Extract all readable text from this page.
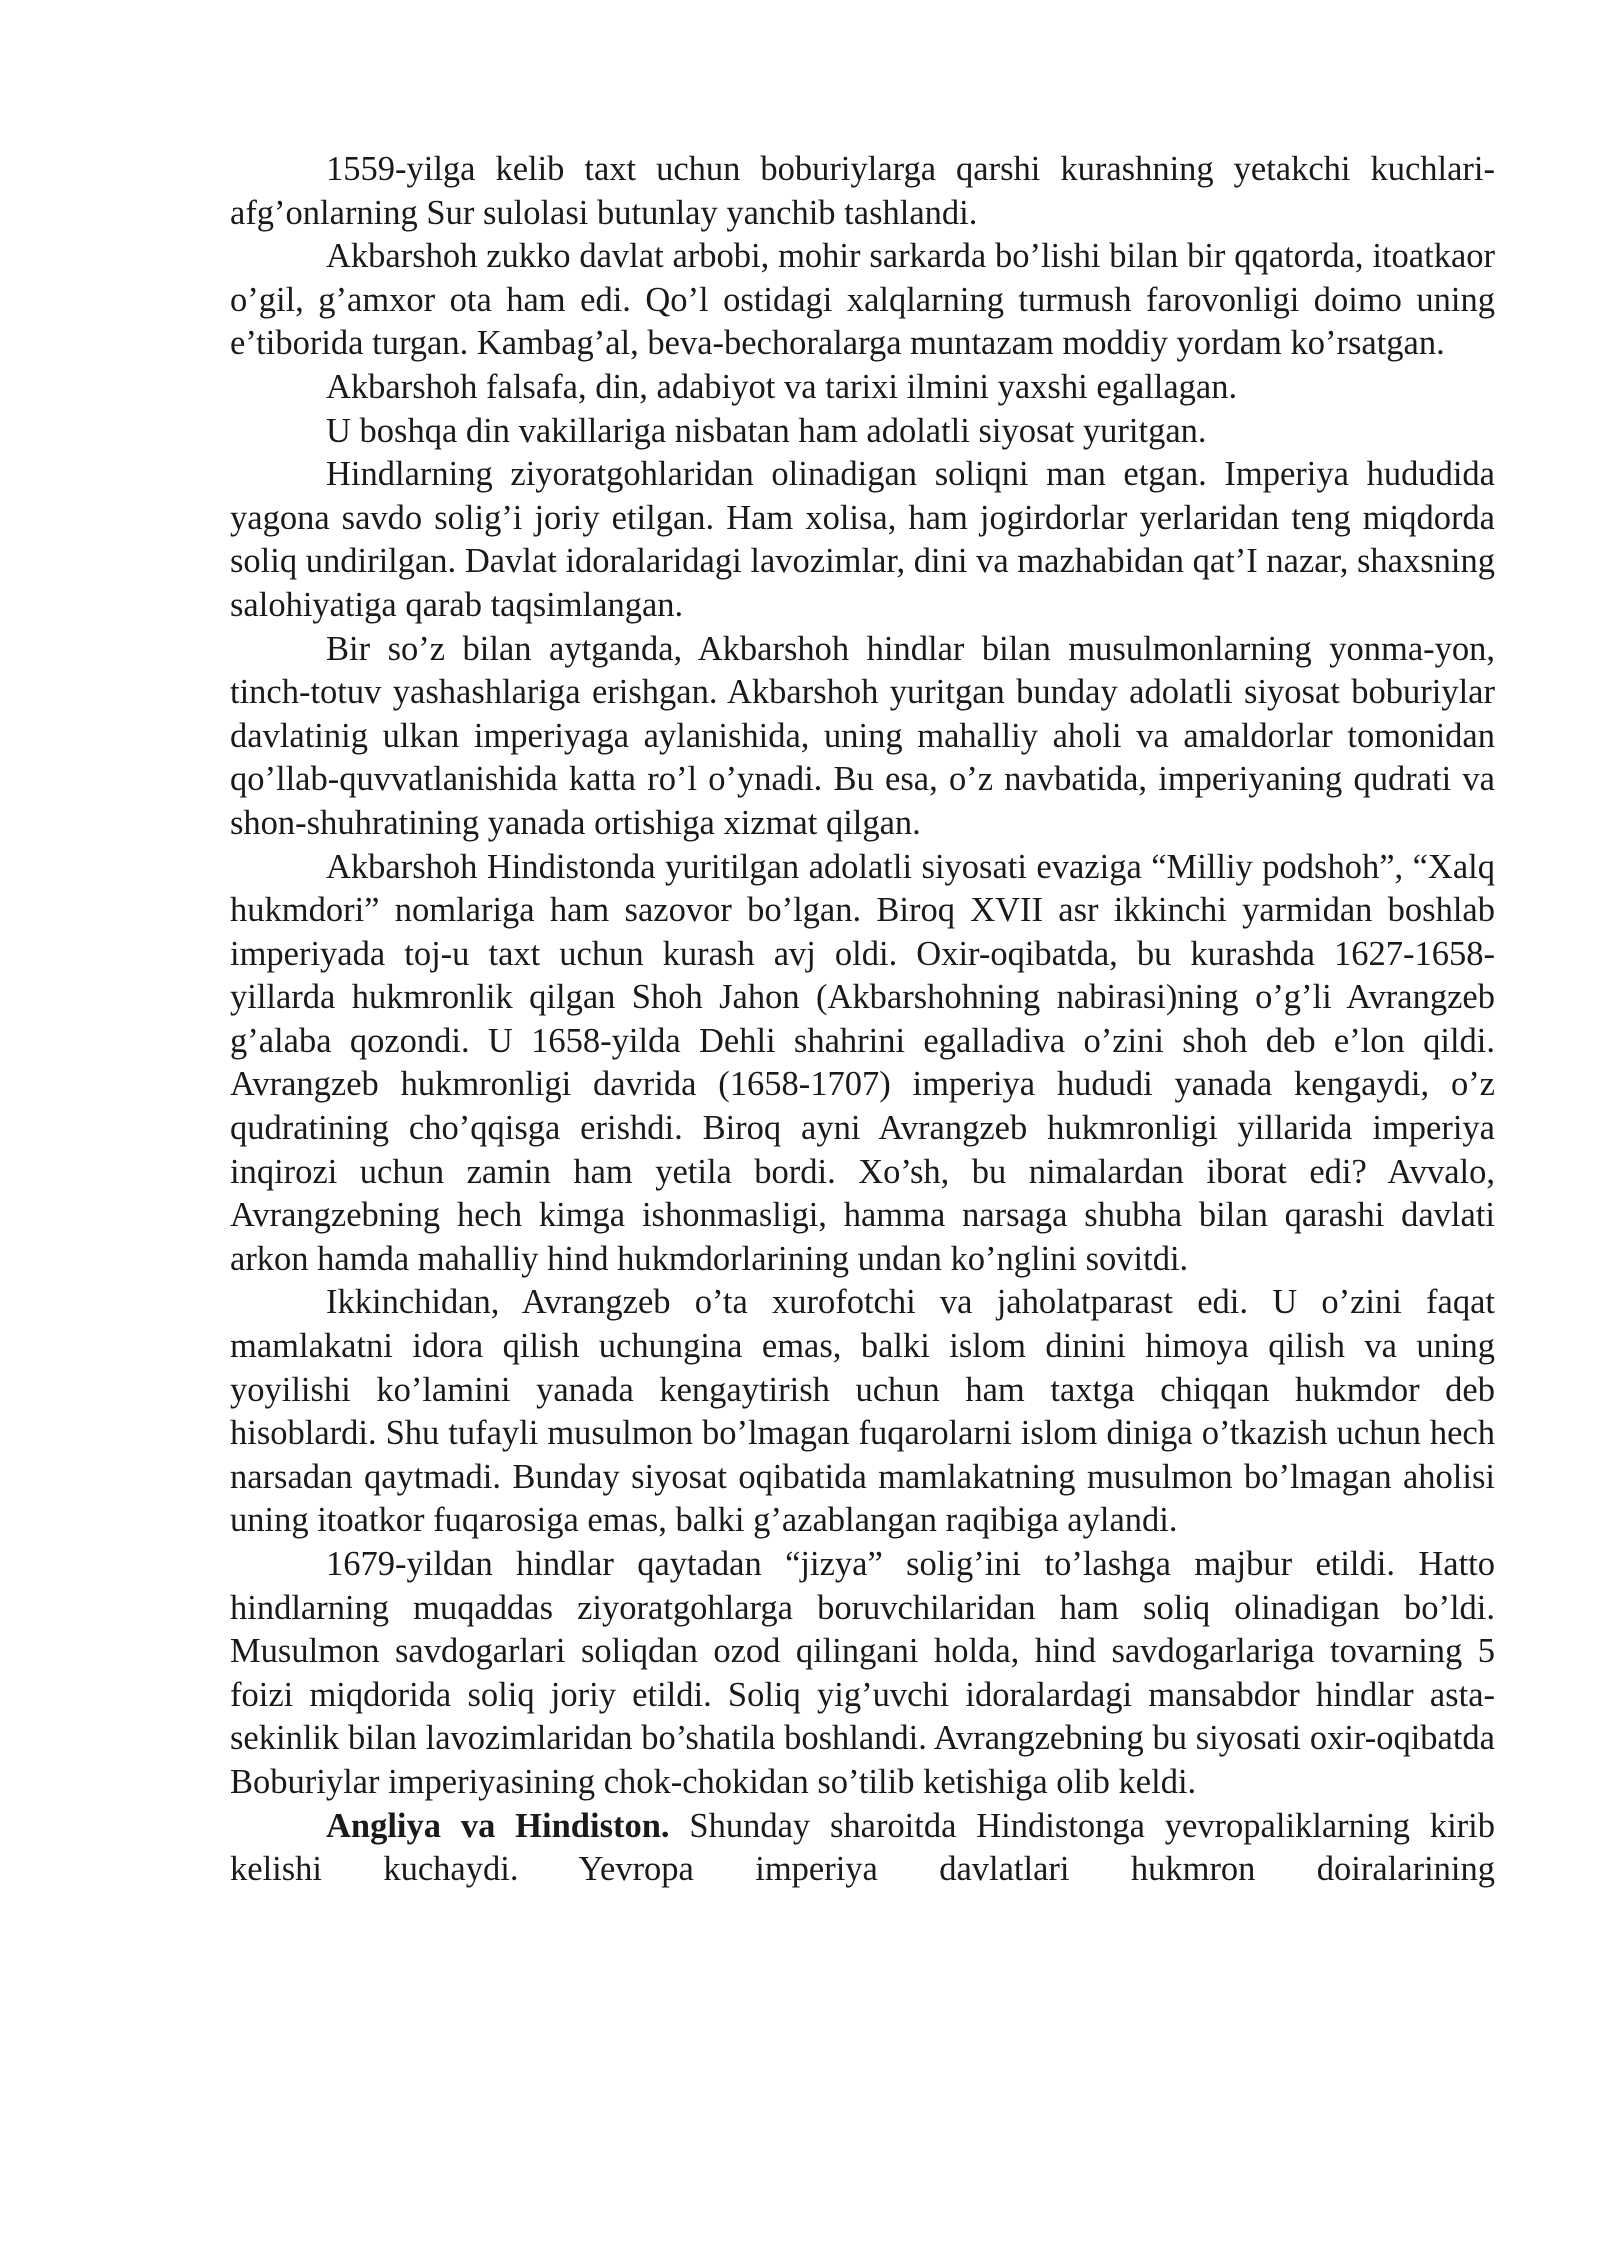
1559-yilga kelib taxt uchun boburiylarga qarshi kurashning yetakchi kuchlari-afg’onlarning Sur sulolasi butunlay yanchib tashlandi.

Akbarshoh zukko davlat arbobi, mohir sarkarda bo’lishi bilan bir qqatorda, itoatkaor o’gil, g’amxor ota ham edi. Qo’l ostidagi xalqlarning turmush farovonligi doimo uning e’tiborida turgan. Kambag’al, beva-bechoralarga muntazam moddiy yordam ko’rsatgan.

Akbarshoh falsafa, din, adabiyot va tarixi ilmini yaxshi egallagan.

U boshqa din vakillariga nisbatan ham adolatli siyosat yuritgan.

Hindlarning ziyoratgohlaridan olinadigan soliqni man etgan. Imperiya hududida yagona savdo solig’i joriy etilgan. Ham xolisa, ham jogirdorlar yerlaridan teng miqdorda soliq undirilgan. Davlat idoralaridagi lavozimlar, dini va mazhabidan qat’I nazar, shaxsning salohiyatiga qarab taqsimlangan.

Bir so’z bilan aytganda, Akbarshoh hindlar bilan musulmonlarning yonma-yon, tinch-totuv yashashlariga erishgan. Akbarshoh yuritgan bunday adolatli siyosat boburiylar davlatinig ulkan imperiyaga aylanishida, uning mahalliy aholi va amaldorlar tomonidan qo’llab-quvvatlanishida katta ro’l o’ynadi. Bu esa, o’z navbatida, imperiyaning qudrati va shon-shuhratining yanada ortishiga xizmat qilgan.

Akbarshoh Hindistonda yuritilgan adolatli siyosati evaziga “Milliy podshoh”, “Xalq hukmdori” nomlariga ham sazovor bo’lgan. Biroq XVII asr ikkinchi yarmidan boshlab imperiyada toj-u taxt uchun kurash avj oldi. Oxir-oqibatda, bu kurashda 1627-1658-yillarda hukmronlik qilgan Shoh Jahon (Akbarshohning nabirasi)ning o’g’li Avrangzeb g’alaba qozondi. U 1658-yilda Dehli shahrini egalladiva o’zini shoh deb e’lon qildi. Avrangzeb hukmronligi davrida (1658-1707) imperiya hududi yanada kengaydi, o’z qudratining cho’qqisga erishdi. Biroq ayni Avrangzeb hukmronligi yillarida imperiya inqirozi uchun zamin ham yetila bordi. Xo’sh, bu nimalardan iborat edi? Avvalo, Avrangzebning hech kimga ishonmasligi, hamma narsaga shubha bilan qarashi davlati arkon hamda mahalliy hind hukmdorlarining undan ko’nglini sovitdi.

Ikkinchidan, Avrangzeb o’ta xurofotchi va jaholatparast edi. U o’zini faqat mamlakatni idora qilish uchungina emas, balki islom dinini himoya qilish va uning yoyilishi ko’lamini yanada kengaytirish uchun ham taxtga chiqqan hukmdor deb hisoblardi. Shu tufayli musulmon bo’lmagan fuqarolarni islom diniga o’tkazish uchun hech narsadan qaytmadi. Bunday siyosat oqibatida mamlakatning musulmon bo’lmagan aholisi uning itoatkor fuqarosiga emas, balki g’azablangan raqibiga aylandi.

1679-yildan hindlar qaytadan “jizya” solig’ini to’lashga majbur etildi. Hatto hindlarning muqaddas ziyoratgohlarga boruvchilaridan ham soliq olinadigan bo’ldi. Musulmon savdogarlari soliqdan ozod qilingani holda, hind savdogarlariga tovarning 5 foizi miqdorida soliq joriy etildi. Soliq yig’uvchi idoralardagi mansabdor hindlar asta-sekinlik bilan lavozimlaridan bo’shatila boshlandi. Avrangzebning bu siyosati oxir-oqibatda Boburiylar imperiyasining chok-chokidan so’tilib ketishiga olib keldi.

Angliya va Hindiston. Shunday sharoitda Hindistonga yevropaliklarning kirib kelishi kuchaydi. Yevropa imperiya davlatlari hukmron doiralarining
